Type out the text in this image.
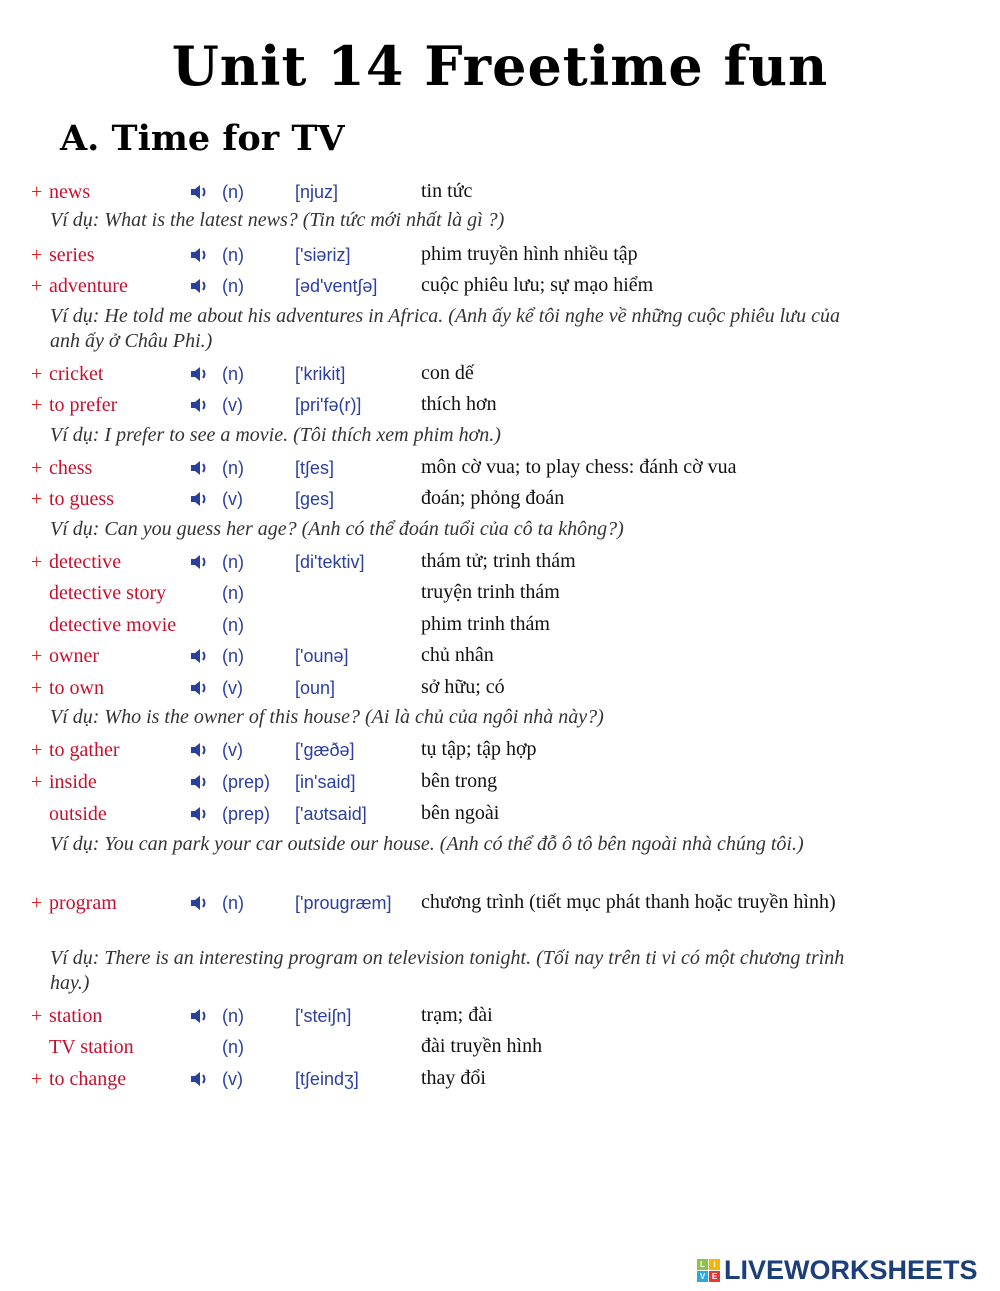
Unit 14 Freetime fun
A. Time for TV
+ news	(n)	[njuz]	tin tức
Ví dụ: What is the latest news? (Tin tức mới nhất là gì ?)
+ series	(n)	['siəriz]	phim truyền hình nhiều tập
+ adventure	(n)	[əd'vent∫ə] cuộc phiêu lưu; sự mạo hiểm
Ví dụ: He told me about his adventures in Africa. (Anh ấy kể tôi nghe về những cuộc phiêu lưu của anh ấy ở Châu Phi.)
+ cricket	(n)	['krikit]	con dế
+ to prefer	(v)	[pri'fə(r)]	thích hơn
Ví dụ: I prefer to see a movie. (Tôi thích xem phim hơn.)
+ chess	(n)	[t∫es]	môn cờ vua; to play chess: đánh cờ vua
+ to guess	(v)	[ges]	đoán; phỏng đoán
Ví dụ: Can you guess her age? (Anh có thể đoán tuổi của cô ta không?)
+ detective	(n)	[di'tektiv]	thám tử; trinh thám
detective story	(n)	truyện trinh thám
detective movie	(n)	phim trinh thám
+ owner	(n)	['ounə]	chủ nhân
+ to own	(v)	[oun]	sở hữu; có
Ví dụ: Who is the owner of this house? (Ai là chủ của ngôi nhà này?)
+ to gather	(v)	['gæðə]	tụ tập; tập hợp
+ inside	(prep) [in'said]	bên trong
outside	(prep) ['aʊtsaid]	bên ngoài
Ví dụ: You can park your car outside our house. (Anh có thể đỗ ô tô bên ngoài nhà chúng tôi.)
+ program	(n)	['prougræm] chương trình (tiết mục phát thanh hoặc truyền hình)
Ví dụ: There is an interesting program on television tonight. (Tối nay trên ti vi có một chương trình hay.)
+ station	(n)	['stei∫n]	trạm; đài
TV station	(n)	đài truyền hình
+ to change	(v)	[t∫eindʒ]	thay đổi
L	I
V E LIVEWORKSHEETS
